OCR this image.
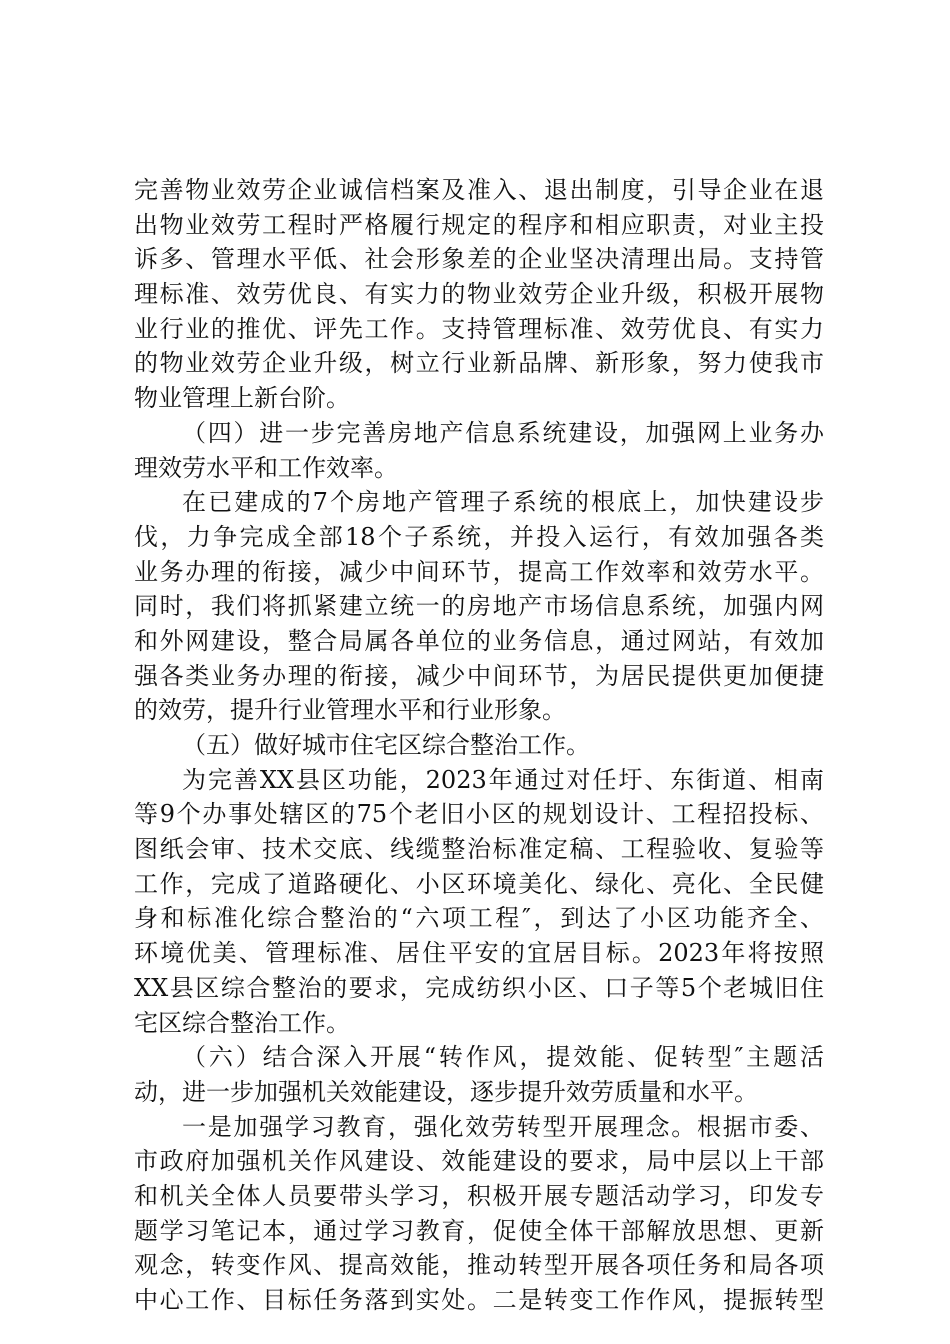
完善物业效劳企业诚信档案及准入、退出制度，引导企业在退
出物业效劳工程时严格履行规定的程序和相应职责，对业主投
诉多、管理水平低、社会形象差的企业坚决清理出局。支持管
理标准、效劳优良、有实力的物业效劳企业升级，积极开展物
业行业的推优、评先工作。支持管理标准、效劳优良、有实力
的物业效劳企业升级，树立行业新品牌、新形象，努力使我市
物业管理上新台阶。
（四）进一步完善房地产信息系统建设，加强网上业务办
理效劳水平和工作效率。
在已建成的7个房地产管理子系统的根底上，加快建设步
伐，力争完成全部18个子系统，并投入运行，有效加强各类
业务办理的衔接，减少中间环节，提高工作效率和效劳水平。
同时，我们将抓紧建立统一的房地产市场信息系统，加强内网
和外网建设，整合局属各单位的业务信息，通过网站，有效加
强各类业务办理的衔接，减少中间环节，为居民提供更加便捷
的效劳，提升行业管理水平和行业形象。
（五）做好城市住宅区综合整治工作。
为完善XX县区功能，2023年通过对任圩、东街道、相南
等9个办事处辖区的75个老旧小区的规划设计、工程招投标、
图纸会审、技术交底、线缆整治标准定稿、工程验收、复验等
工作，完成了道路硬化、小区环境美化、绿化、亮化、全民健
身和标准化综合整治的“六项工程″，到达了小区功能齐全、
环境优美、管理标准、居住平安的宜居目标。2023年将按照
XX县区综合整治的要求，完成纺织小区、口子等5个老城旧住
宅区综合整治工作。
（六）结合深入开展“转作风，提效能、促转型″主题活
动，进一步加强机关效能建设，逐步提升效劳质量和水平。
一是加强学习教育，强化效劳转型开展理念。根据市委、
市政府加强机关作风建设、效能建设的要求，局中层以上干部
和机关全体人员要带头学习，积极开展专题活动学习，印发专
题学习笔记本，通过学习教育，促使全体干部解放思想、更新
观念，转变作风、提高效能，推动转型开展各项任务和局各项
中心工作、目标任务落到实处。二是转变工作作风，提振转型
